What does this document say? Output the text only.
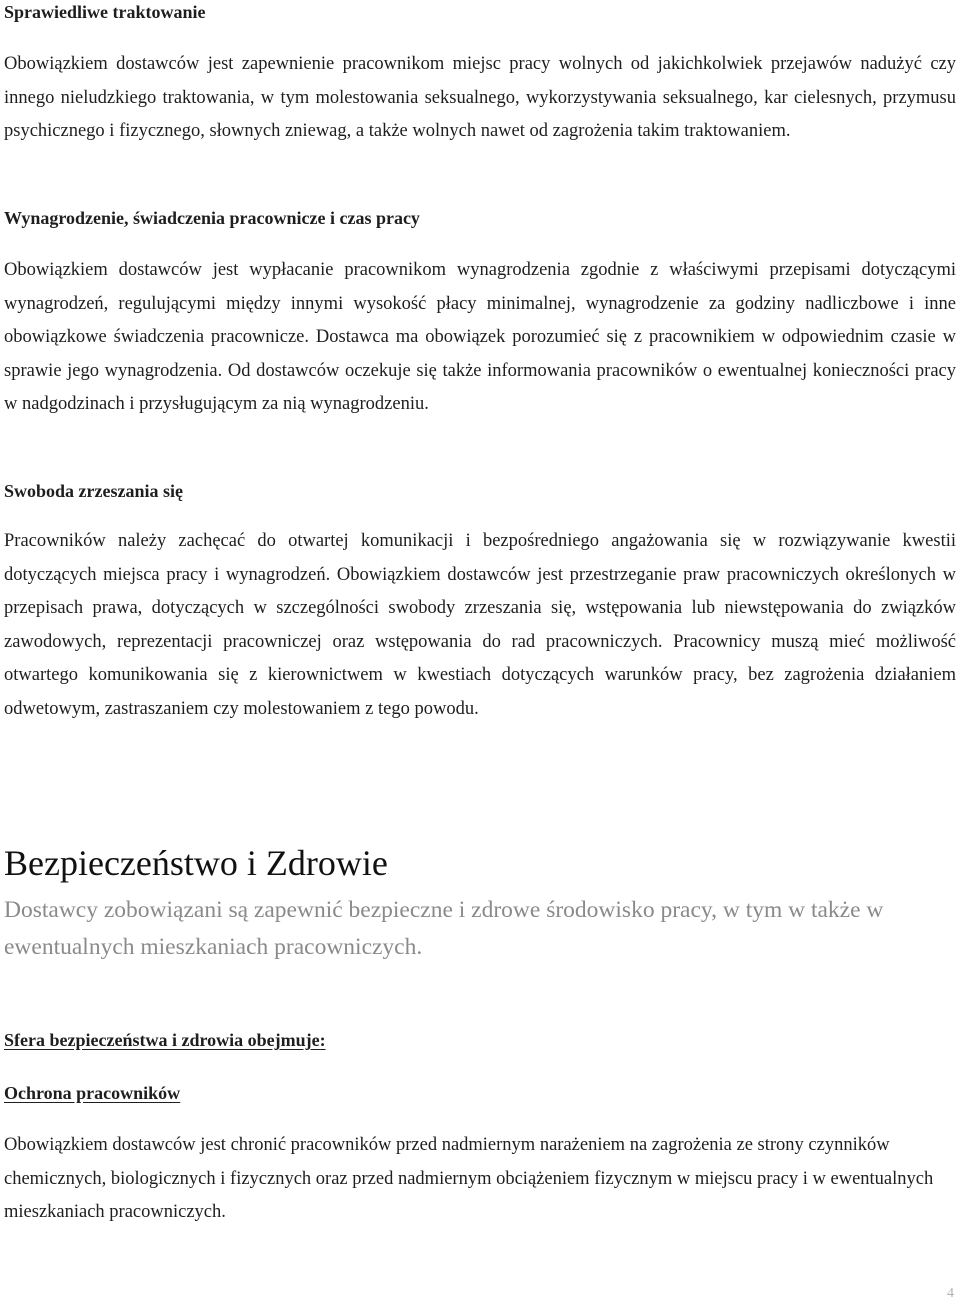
Sprawiedliwe traktowanie

Obowiązkiem dostawców jest zapewnienie pracownikom miejsc pracy wolnych od jakichkolwiek przejawów nadużyć czy innego nieludzkiego traktowania, w tym molestowania seksualnego, wykorzystywania seksualnego, kar cielesnych, przymusu psychicznego i fizycznego, słownych zniewag, a także wolnych nawet od zagrożenia takim traktowaniem.

Wynagrodzenie, świadczenia pracownicze i czas pracy

Obowiązkiem dostawców jest wypłacanie pracownikom wynagrodzenia zgodnie z właściwymi przepisami dotyczącymi wynagrodzeń, regulującymi między innymi wysokość płacy minimalnej, wynagrodzenie za godziny nadliczbowe i inne obowiązkowe świadczenia pracownicze. Dostawca ma obowiązek porozumieć się z pracownikiem w odpowiednim czasie w sprawie jego wynagrodzenia. Od dostawców oczekuje się także informowania pracowników o ewentualnej konieczności pracy w nadgodzinach i przysługującym za nią wynagrodzeniu.

Swoboda zrzeszania się

Pracowników należy zachęcać do otwartej komunikacji i bezpośredniego angażowania się w rozwiązywanie kwestii dotyczących miejsca pracy i wynagrodzeń. Obowiązkiem dostawców jest przestrzeganie praw pracowniczych określonych w przepisach prawa, dotyczących w szczególności swobody zrzeszania się, wstępowania lub niewstępowania do związków zawodowych, reprezentacji pracowniczej oraz wstępowania do rad pracowniczych. Pracownicy muszą mieć możliwość otwartego komunikowania się z kierownictwem w kwestiach dotyczących warunków pracy, bez zagrożenia działaniem odwetowym, zastraszaniem czy molestowaniem z tego powodu.

Bezpieczeństwo i Zdrowie

Dostawcy zobowiązani są zapewnić bezpieczne i zdrowe środowisko pracy, w tym w także w ewentualnych mieszkaniach pracowniczych.

Sfera bezpieczeństwa i zdrowia obejmuje:
Ochrona pracowników

Obowiązkiem dostawców jest chronić pracowników przed nadmiernym narażeniem na zagrożenia ze strony czynników chemicznych, biologicznych i fizycznych oraz przed nadmiernym obciążeniem fizycznym w miejscu pracy i w ewentualnych mieszkaniach pracowniczych.

4
